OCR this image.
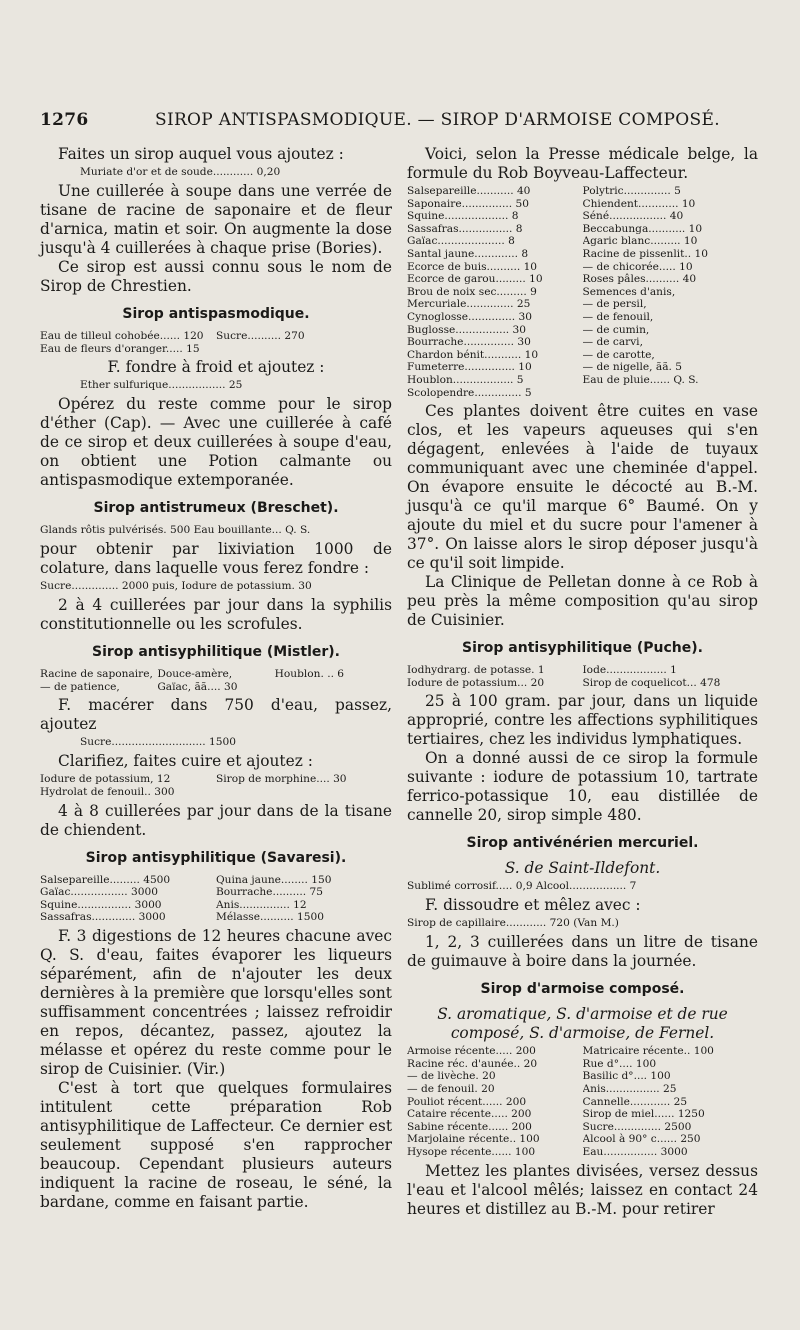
1276	SIROP ANTISPASMODIQUE. — SIROP D'ARMOISE COMPOSÉ.

Faites un sirop auquel vous ajoutez :

Muriate d'or et de soude............ 0,20

Une cuillerée à soupe dans une verrée de tisane de racine de saponaire et de fleur d'arnica, matin et soir. On augmente la dose jusqu'à 4 cuillerées à chaque prise (Bories).

Ce sirop est aussi connu sous le nom de Sirop de Chrestien.

Sirop antispasmodique.
Eau de tilleul cohobée...... 120	Sucre.......... 270
Eau de fleurs d'oranger..... 15

F. fondre à froid et ajoutez :

Ether sulfurique................. 25

Opérez du reste comme pour le sirop d'éther (Cap). — Avec une cuillerée à café de ce sirop et deux cuillerées à soupe d'eau, on obtient une Potion calmante ou antispasmodique extemporanée.

Sirop antistrumeux (Breschet).
Glands rôtis pulvérisés. 500 Eau bouillante... Q. S.

pour obtenir par lixiviation 1000 de colature, dans laquelle vous ferez fondre :

Sucre.............. 2000 puis, Iodure de potassium. 30

2 à 4 cuillerées par jour dans la syphilis constitutionnelle ou les scrofules.

Sirop antisyphilitique (Mistler).
Racine de saponaire, Douce-amère,	Houblon. .. 6
— de patience,	Gaïac, ãã.... 30

F. macérer dans 750 d'eau, passez, ajoutez

Sucre............................ 1500

Clarifiez, faites cuire et ajoutez :

Iodure de potassium, 12	Sirop de morphine.... 30
Hydrolat de fenouil.. 300

4 à 8 cuillerées par jour dans de la tisane de chiendent.

Sirop antisyphilitique (Savaresi).
Salsepareille......... 4500	Quina jaune........ 150
Gaïac................. 3000	Bourrache.......... 75
Squine................ 3000	Anis............... 12
Sassafras............. 3000	Mélasse.......... 1500

F. 3 digestions de 12 heures chacune avec Q. S. d'eau, faites évaporer les liqueurs séparément, afin de n'ajouter les deux dernières à la première que lorsqu'elles sont suffisamment concentrées ; laissez refroidir en repos, décantez, passez, ajoutez la mélasse et opérez du reste comme pour le sirop de Cuisinier. (Vir.)

C'est à tort que quelques formulaires intitulent cette préparation Rob antisyphilitique de Laffecteur. Ce dernier est seulement supposé s'en rapprocher beaucoup. Cependant plusieurs auteurs indiquent la racine de roseau, le séné, la bardane, comme en faisant partie.

Voici, selon la Presse médicale belge, la formule du Rob Boyveau-Laffecteur.

Salsepareille........... 40	Polytric.............. 5
Saponaire............... 50	Chiendent............ 10
Squine................... 8	Séné................. 40
Sassafras................ 8	Beccabunga........... 10
Gaïac.................... 8	Agaric blanc......... 10
Santal jaune............. 8	Racine de pissenlit.. 10
Ecorce de buis.......... 10	— de chicorée..... 10
Ecorce de garou......... 10	Roses pâles.......... 40
Brou de noix sec......... 9	Semences d'anis,
Mercuriale.............. 25	— de persil,
Cynoglosse.............. 30	— de fenouil,
Buglosse................ 30	— de cumin,
Bourrache............... 30	— de carvi,
Chardon bénit........... 10	— de carotte,
Fumeterre............... 10	— de nigelle, ãã. 5
Houblon.................. 5	Eau de pluie...... Q. S.
Scolopendre.............. 5

Ces plantes doivent être cuites en vase clos, et les vapeurs aqueuses qui s'en dégagent, enlevées à l'aide de tuyaux communiquant avec une cheminée d'appel. On évapore ensuite le décocté au B.-M. jusqu'à ce qu'il marque 6° Baumé. On y ajoute du miel et du sucre pour l'amener à 37°. On laisse alors le sirop déposer jusqu'à ce qu'il soit limpide.

La Clinique de Pelletan donne à ce Rob à peu près la même composition qu'au sirop de Cuisinier.

Sirop antisyphilitique (Puche).
Iodhydrarg. de potasse. 1	Iode.................. 1
Iodure de potassium... 20	Sirop de coquelicot... 478

25 à 100 gram. par jour, dans un liquide approprié, contre les affections syphilitiques tertiaires, chez les individus lymphatiques.

On a donné aussi de ce sirop la formule suivante : iodure de potassium 10, tartrate ferrico-potassique 10, eau distillée de cannelle 20, sirop simple 480.

Sirop antivénérien mercuriel.

S. de Saint-Ildefont.

Sublimé corrosif..... 0,9 Alcool................. 7

F. dissoudre et mêlez avec :

Sirop de capillaire............ 720 (Van M.)

1, 2, 3 cuillerées dans un litre de tisane de guimauve à boire dans la journée.

Sirop d'armoise composé.

S. aromatique, S. d'armoise et de rue composé, S. d'armoise, de Fernel.

Armoise récente..... 200	Matricaire récente.. 100
Racine réc. d'aunée.. 20	Rue d°.... 100
— de livèche. 20	Basilic d°.... 100
— de fenouil. 20	Anis................ 25
Pouliot récent...... 200	Cannelle............ 25
Cataire récente..... 200	Sirop de miel...... 1250
Sabine récente...... 200	Sucre.............. 2500
Marjolaine récente.. 100	Alcool à 90° c...... 250
Hysope récente...... 100	Eau................ 3000

Mettez les plantes divisées, versez dessus l'eau et l'alcool mêlés; laissez en contact 24 heures et distillez au B.-M. pour retirer
